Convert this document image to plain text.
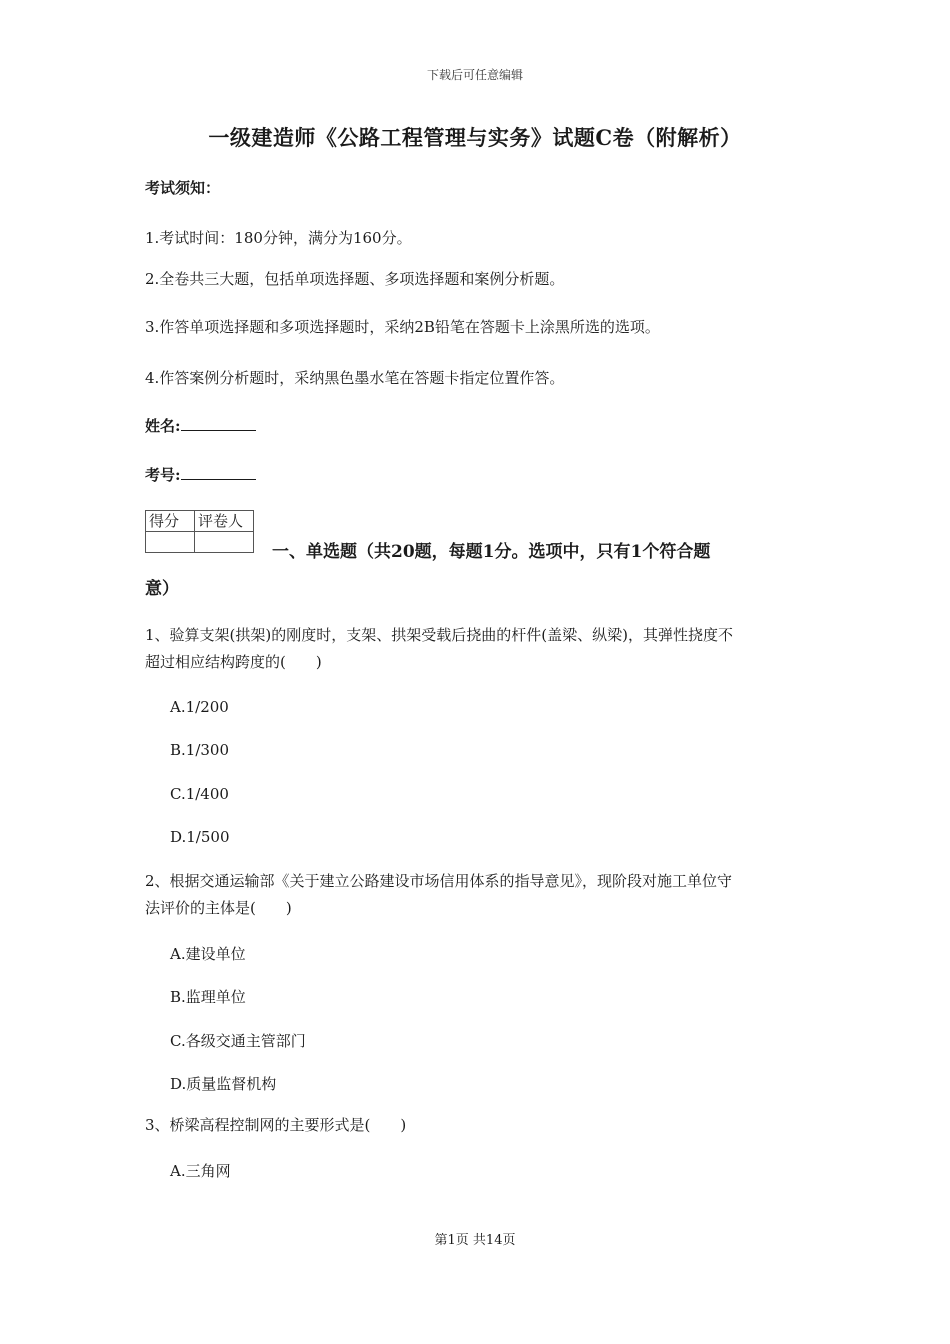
下载后可任意编辑
一级建造师《公路工程管理与实务》试题C卷（附解析）
考试须知：
1.考试时间：180分钟，满分为160分。
2.全卷共三大题，包括单项选择题、多项选择题和案例分析题。
3.作答单项选择题和多项选择题时，采纳2B铅笔在答题卡上涂黑所选的选项。
4.作答案例分析题时，采纳黑色墨水笔在答题卡指定位置作答。
姓名:
考号:
得分	评卷人

一、单选题（共20题，每题1分。选项中，只有1个符合题
意）
1、验算支架(拱架)的刚度时，支架、拱架受载后挠曲的杆件(盖梁、纵梁)，其弹性挠度不
超过相应结构跨度的(　　)
A.1/200
B.1/300
C.1/400
D.1/500
2、根据交通运输部《关于建立公路建设市场信用体系的指导意见》，现阶段对施工单位守
法评价的主体是(　　)
A.建设单位
B.监理单位
C.各级交通主管部门
D.质量监督机构
3、桥梁高程控制网的主要形式是(　　)
A.三角网
第1页 共14页
